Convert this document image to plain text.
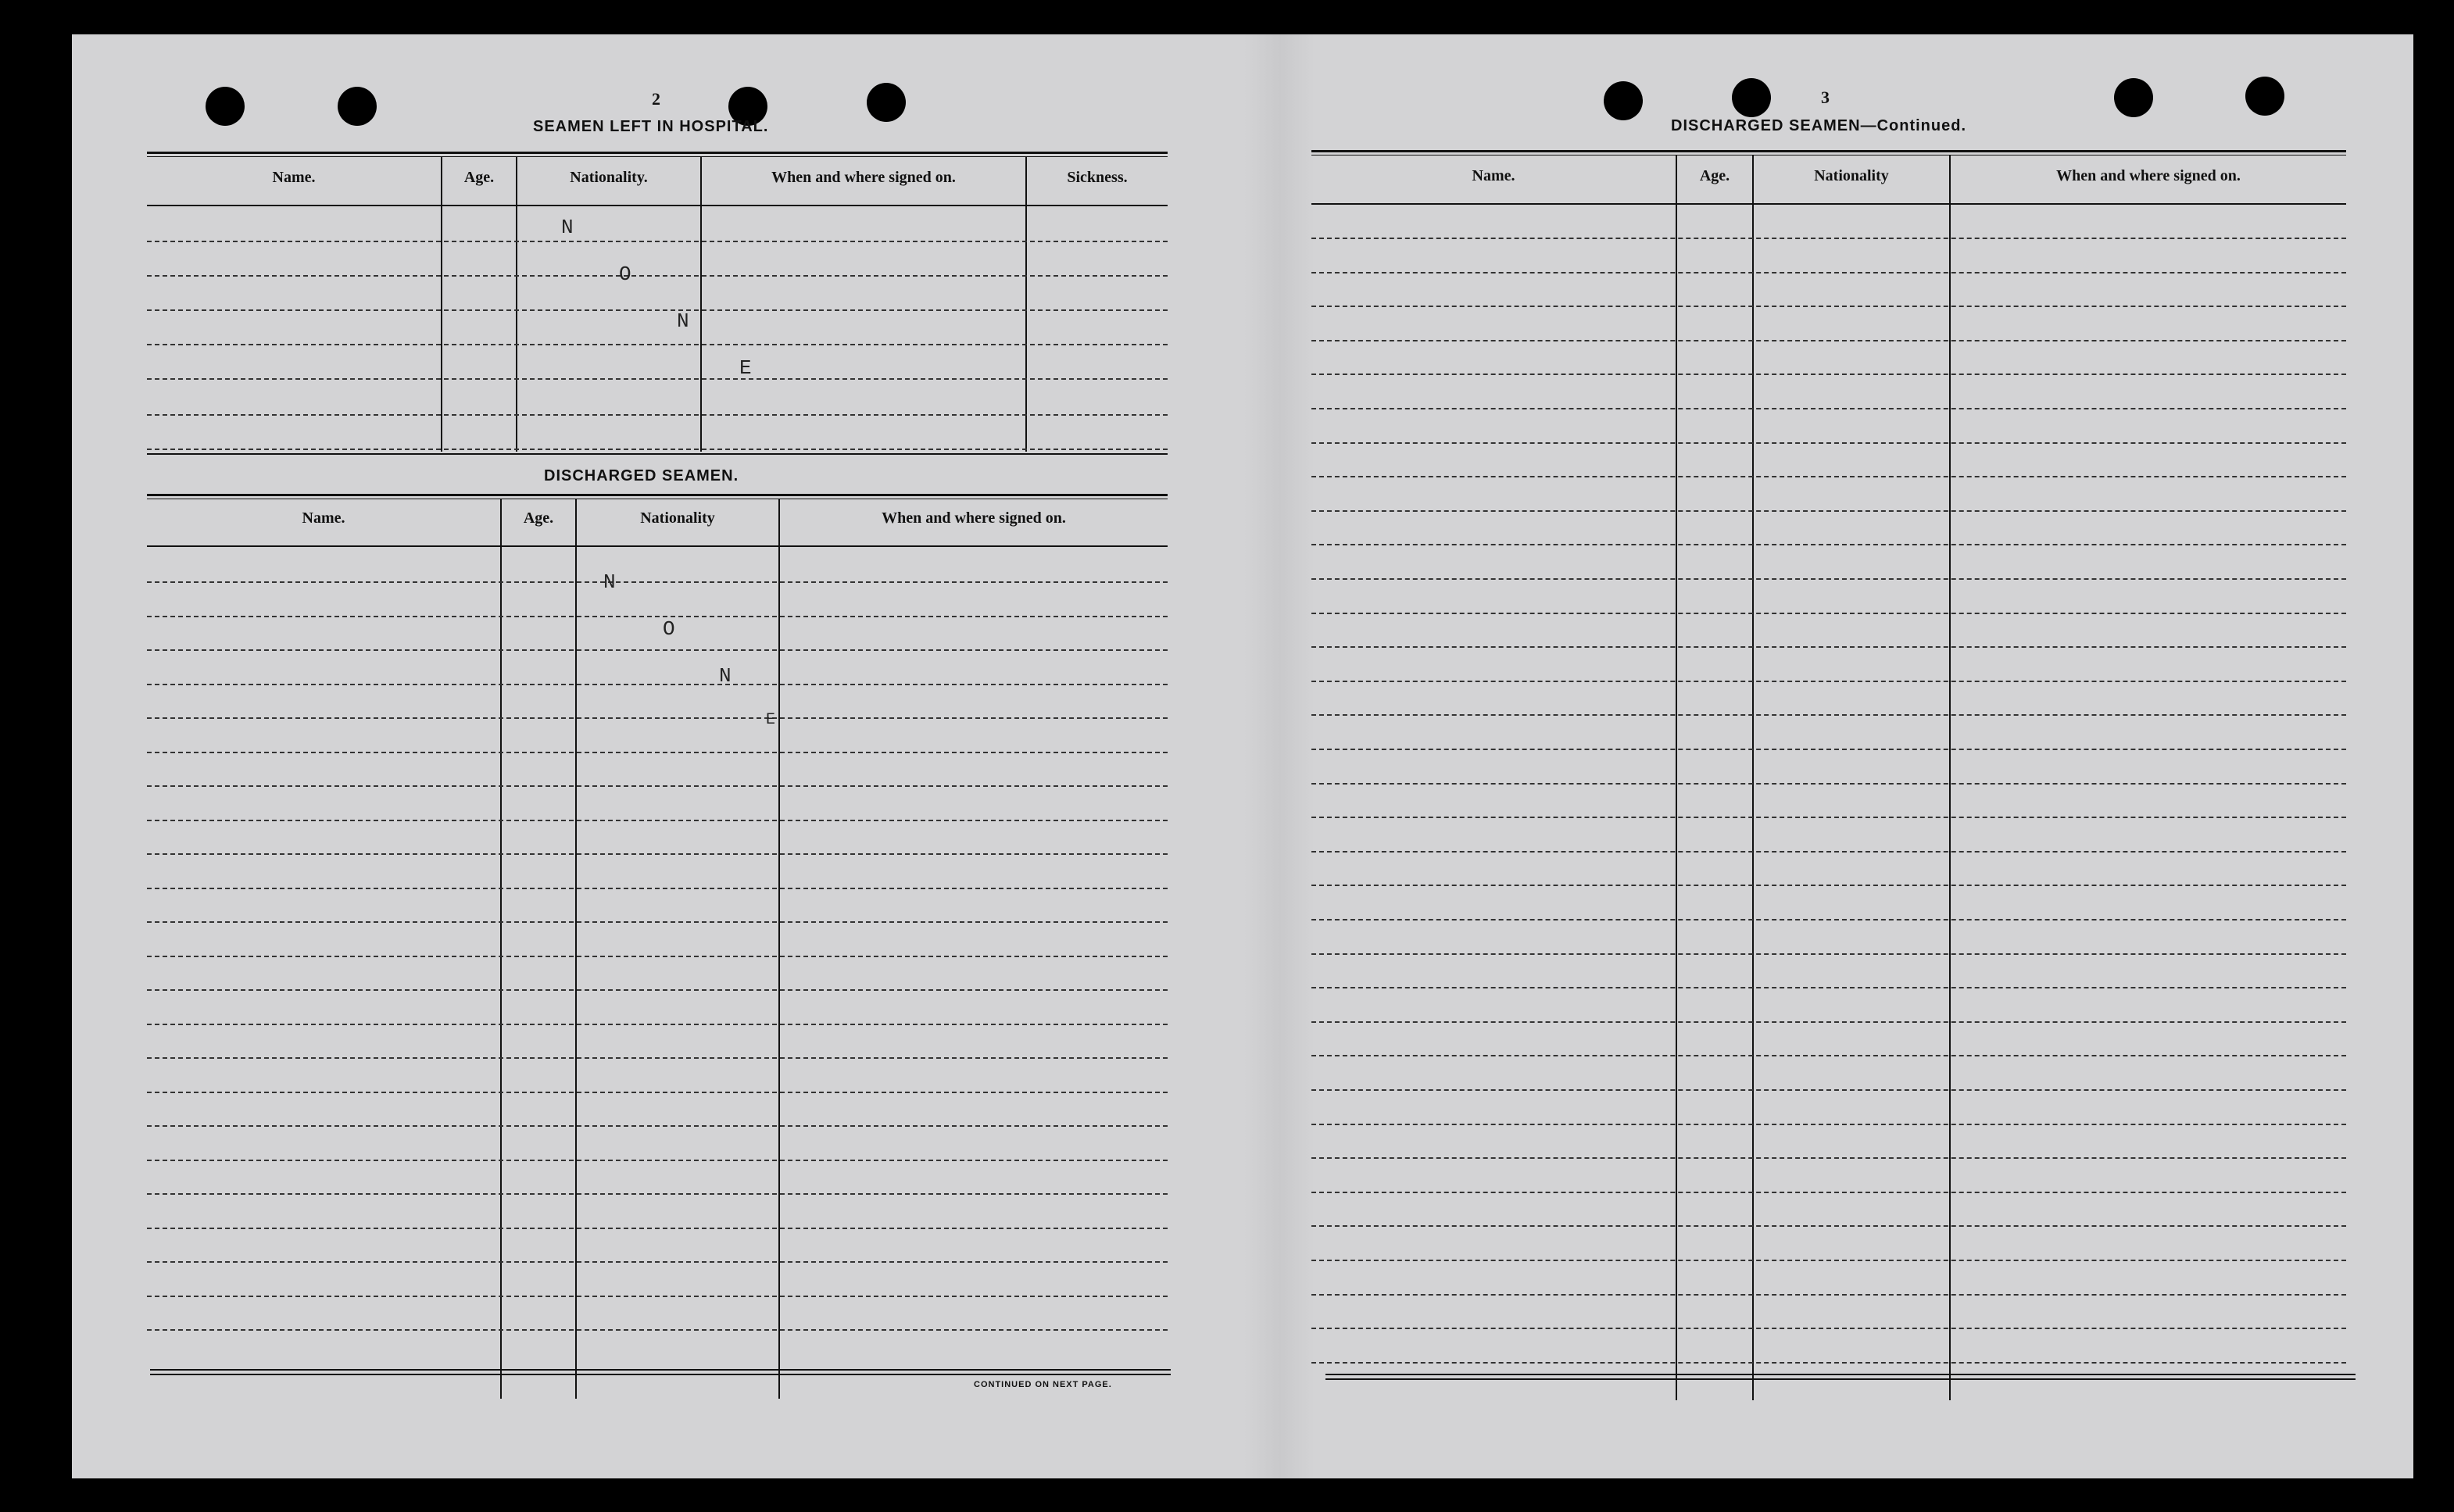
2
SEAMEN LEFT IN HOSPITAL.
Name.	Age.	Nationality.	When and where signed on.	Sickness.
N
O
N
E
DISCHARGED SEAMEN.
Name.	Age.	Nationality	When and where signed on.
N
O
N
E
CONTINUED ON NEXT PAGE.
3
DISCHARGED SEAMEN—Continued.
Name.	Age.	Nationality	When and where signed on.
